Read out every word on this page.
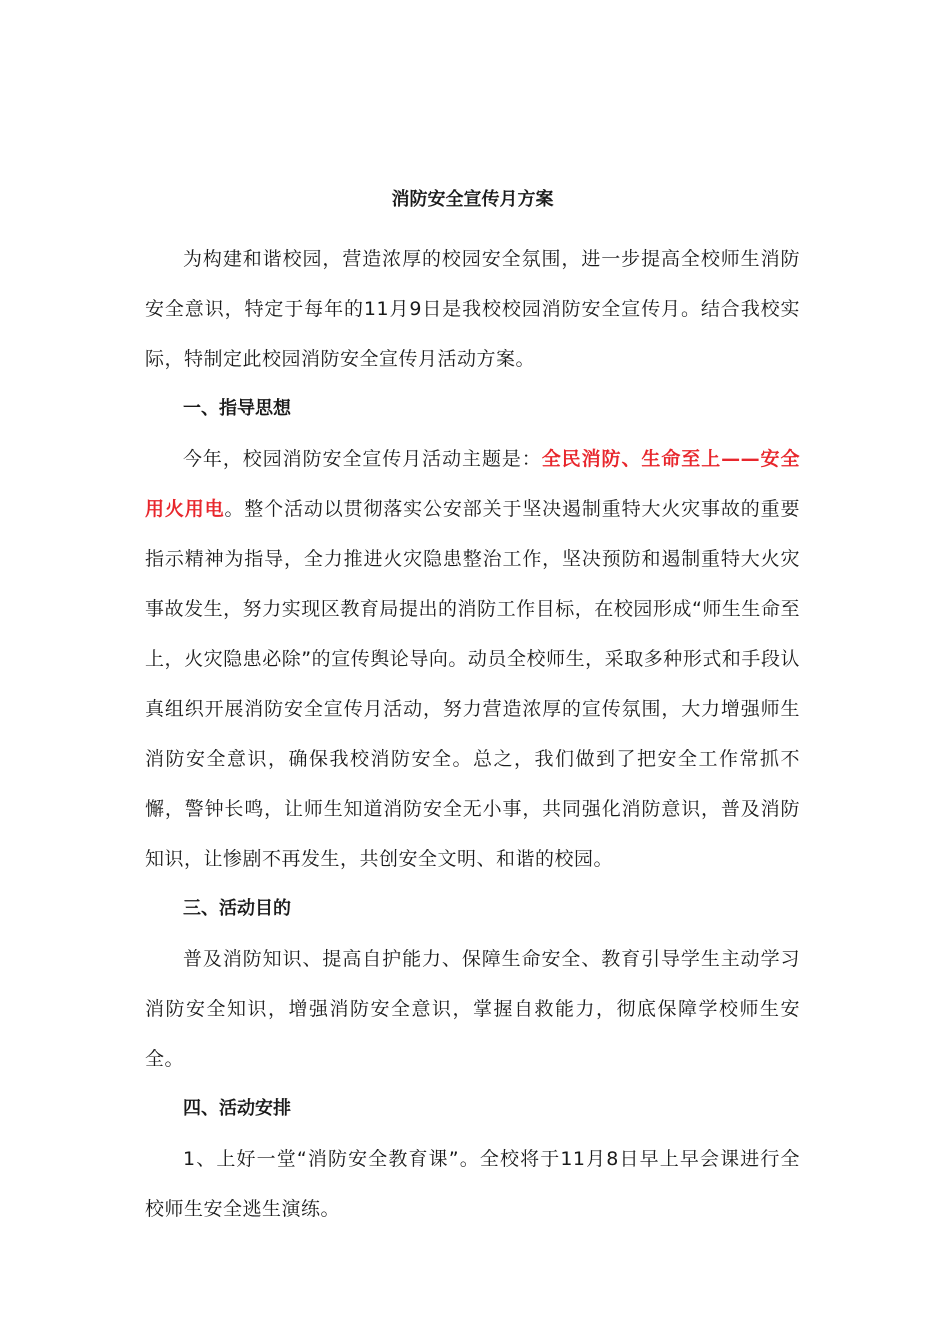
消防安全宣传月方案

为构建和谐校园，营造浓厚的校园安全氛围，进一步提高全校师生消防安全意识，特定于每年的11月9日是我校校园消防安全宣传月。结合我校实际，特制定此校园消防安全宣传月活动方案。

一、指导思想

今年，校园消防安全宣传月活动主题是：全民消防、生命至上——安全用火用电。整个活动以贯彻落实公安部关于坚决遏制重特大火灾事故的重要指示精神为指导，全力推进火灾隐患整治工作，坚决预防和遏制重特大火灾事故发生，努力实现区教育局提出的消防工作目标，在校园形成“师生生命至上，火灾隐患必除”的宣传舆论导向。动员全校师生，采取多种形式和手段认真组织开展消防安全宣传月活动，努力营造浓厚的宣传氛围，大力增强师生消防安全意识，确保我校消防安全。总之，我们做到了把安全工作常抓不懈，警钟长鸣，让师生知道消防安全无小事，共同强化消防意识，普及消防知识，让惨剧不再发生，共创安全文明、和谐的校园。

三、活动目的

普及消防知识、提高自护能力、保障生命安全、教育引导学生主动学习消防安全知识，增强消防安全意识，掌握自救能力，彻底保障学校师生安全。

四、活动安排

1、上好一堂“消防安全教育课”。全校将于11月8日早上早会课进行全校师生安全逃生演练。
